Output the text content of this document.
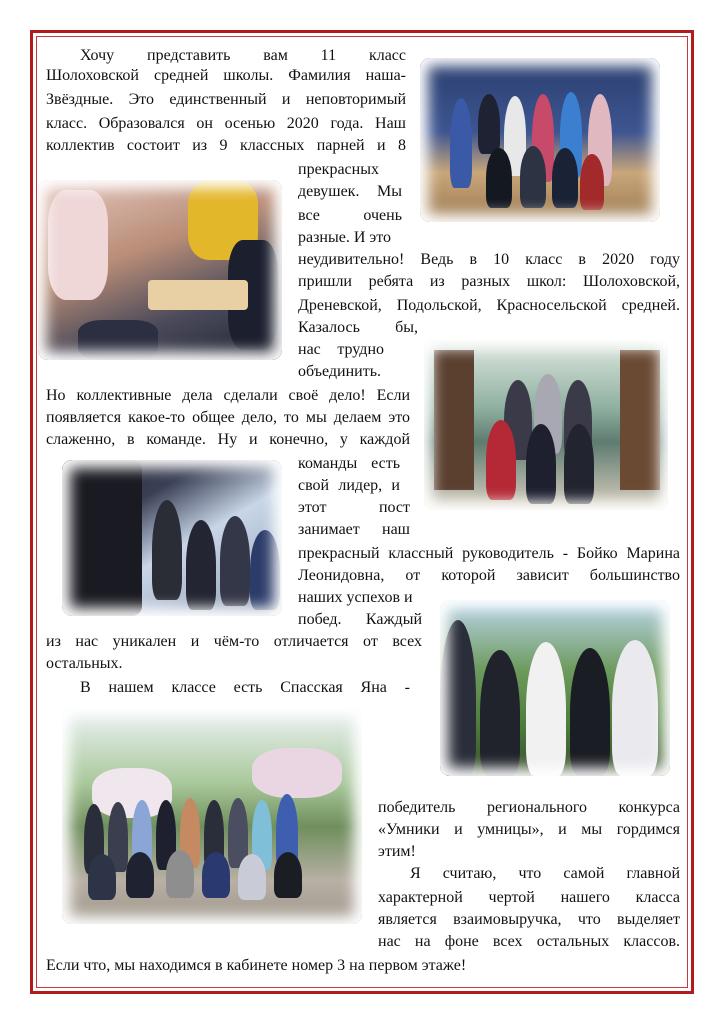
Хочу представить вам 11 класс
Шолоховской средней школы. Фамилия наша-
Звёздные. Это единственный и неповторимый
класс. Образовался он осенью 2020 года. Наш
коллектив состоит из 9 классных парней и 8
прекрасных
девушек. Мы
все очень
разные. И это
неудивительно! Ведь в 10 класс в 2020 году
пришли ребята из разных школ: Шолоховской,
Дреневской, Подольской, Красносельской средней.
Казалось бы,
нас трудно
объединить.
Но коллективные дела сделали своё дело! Если
появляется какое-то общее дело, то мы делаем это
слаженно, в команде. Ну и конечно, у каждой
команды есть
свой лидер, и
этот пост
занимает наш
прекрасный классный руководитель - Бойко Марина
Леонидовна, от которой зависит большинство
наших успехов и
побед. Каждый
из нас уникален и чём-то отличается от всех
остальных.
В нашем классе есть Спасская Яна -
победитель регионального конкурса
«Умники и умницы», и мы гордимся
этим!
Я считаю, что самой главной
характерной чертой нашего класса
является взаимовыручка, что выделяет
нас на фоне всех остальных классов.
Если что, мы находимся в кабинете номер 3 на первом этаже!
